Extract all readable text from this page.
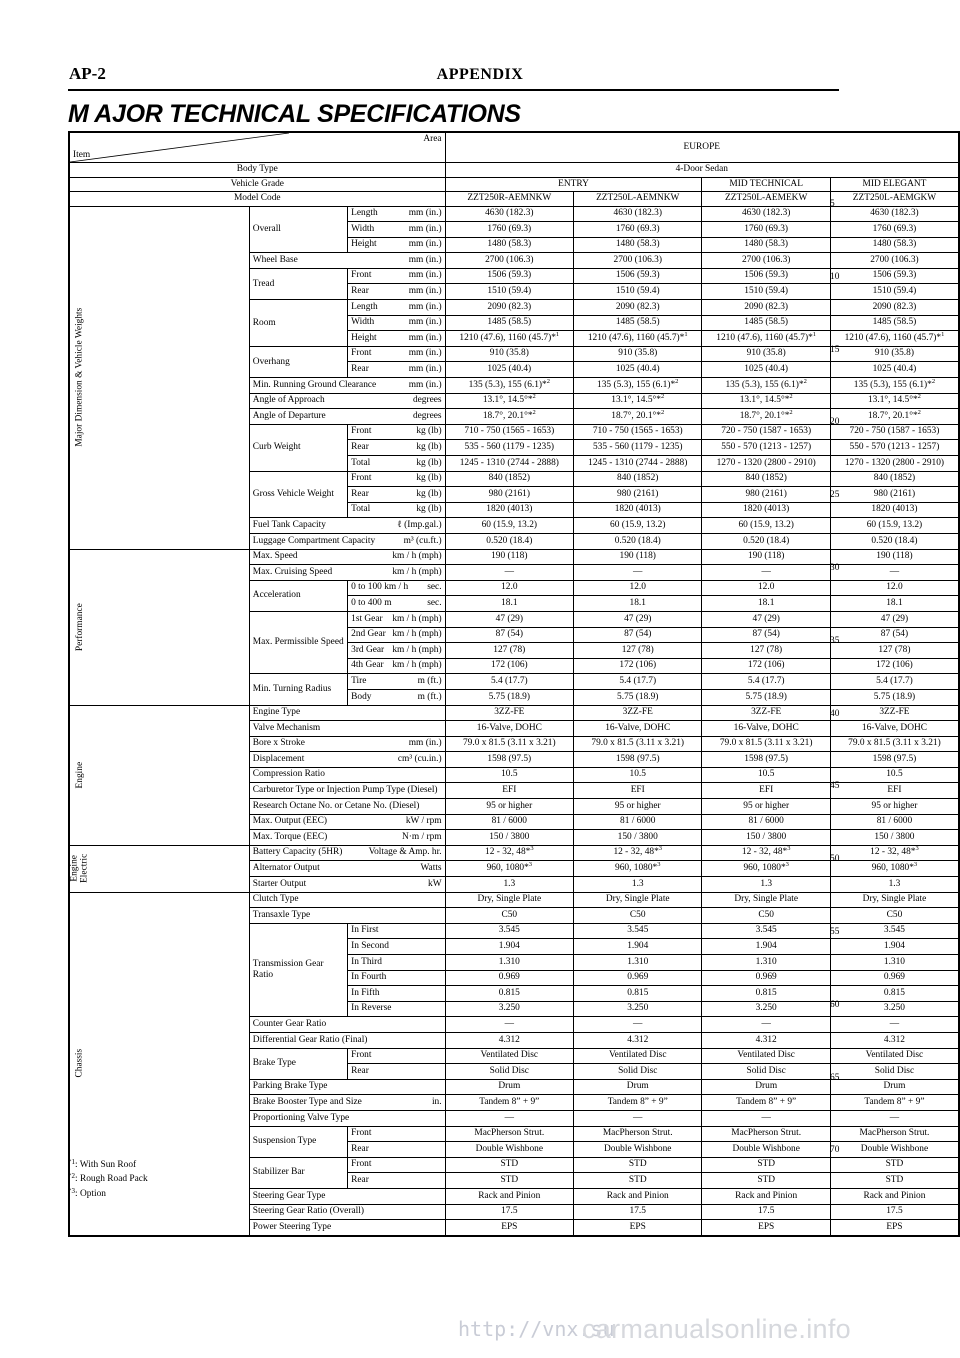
AP-2	APPENDIX
M AJOR TECHNICAL SPECIFICATIONS
Area
Item			EUROPE			
Body Type			4-Door Sedan			
Vehicle Grade			ENTRY		MID TECHNICAL	MID ELEGANT
Model Code			ZZT250R-AEMNKW	ZZT250L-AEMNKW	ZZT250L-AEMEKW	ZZT250L-AEMGKW

Major Dimension & Vehicle Weights	Overall	Length mm (in.)	4630 (182.3)	4630 (182.3)	4630 (182.3)	4630 (182.3)
		Width mm (in.)	1760 (69.3)	1760 (69.3)	1760 (69.3)	1760 (69.3)
		Height mm (in.)	1480 (58.3)	1480 (58.3)	1480 (58.3)	1480 (58.3)
	Wheel Base mm (in.)		2700 (106.3)	2700 (106.3)	2700 (106.3)	2700 (106.3)
	Tread	Front mm (in.)	1506 (59.3)	1506 (59.3)	1506 (59.3)	1506 (59.3)
		Rear mm (in.)	1510 (59.4)	1510 (59.4)	1510 (59.4)	1510 (59.4)
	Room	Length mm (in.)	2090 (82.3)	2090 (82.3)	2090 (82.3)	2090 (82.3)
		Width mm (in.)	1485 (58.5)	1485 (58.5)	1485 (58.5)	1485 (58.5)
		Height mm (in.)	1210 (47.6), 1160 (45.7)*$^1$	1210 (47.6), 1160 (45.7)*$^1$	1210 (47.6), 1160 (45.7)*$^1$	1210 (47.6), 1160 (45.7)*$^1$
	Overhang	Front mm (in.)	910 (35.8)	910 (35.8)	910 (35.8)	910 (35.8)
		Rear mm (in.)	1025 (40.4)	1025 (40.4)	1025 (40.4)	1025 (40.4)
	Min. Running Ground Clearance mm (in.)		135 (5.3), 155 (6.1)*$^2$	135 (5.3), 155 (6.1)*$^2$	135 (5.3), 155 (6.1)*$^2$	135 (5.3), 155 (6.1)*$^2$
	Angle of Approach degrees		13.1°, 14.5°*$^2$	13.1°, 14.5°*$^2$	13.1°, 14.5°*$^2$	13.1°, 14.5°*$^2$
	Angle of Departure degrees		18.7°, 20.1°*$^2$	18.7°, 20.1°*$^2$	18.7°, 20.1°*$^2$	18.7°, 20.1°*$^2$
	Curb Weight	Front kg (lb)	710 - 750 (1565 - 1653)	710 - 750 (1565 - 1653)	720 - 750 (1587 - 1653)	720 - 750 (1587 - 1653)
		Rear kg (lb)	535 - 560 (1179 - 1235)	535 - 560 (1179 - 1235)	550 - 570 (1213 - 1257)	550 - 570 (1213 - 1257)
		Total kg (lb)	1245 - 1310 (2744 - 2888)	1245 - 1310 (2744 - 2888)	1270 - 1320 (2800 - 2910)	1270 - 1320 (2800 - 2910)
	Gross Vehicle Weight	Front kg (lb)	840 (1852)	840 (1852)	840 (1852)	840 (1852)
		Rear kg (lb)	980 (2161)	980 (2161)	980 (2161)	980 (2161)
		Total kg (lb)	1820 (4013)	1820 (4013)	1820 (4013)	1820 (4013)
	Fuel Tank Capacity ℓ (Imp.gal.)		60 (15.9, 13.2)	60 (15.9, 13.2)	60 (15.9, 13.2)	60 (15.9, 13.2)
	Luggage Compartment Capacity m³ (cu.ft.)		0.520 (18.4)	0.520 (18.4)	0.520 (18.4)	0.520 (18.4)

Performance	Max. Speed km / h (mph)		190 (118)	190 (118)	190 (118)	190 (118)
	Max. Cruising Speed km / h (mph)		—	—	—	—
	Acceleration	0 to 100 km / h sec.	12.0	12.0	12.0	12.0
		0 to 400 m sec.	18.1	18.1	18.1	18.1
	Max. Permissible Speed	1st Gear km / h (mph)	47 (29)	47 (29)	47 (29)	47 (29)
		2nd Gear km / h (mph)	87 (54)	87 (54)	87 (54)	87 (54)
		3rd Gear km / h (mph)	127 (78)	127 (78)	127 (78)	127 (78)
		4th Gear km / h (mph)	172 (106)	172 (106)	172 (106)	172 (106)
	Min. Turning Radius	Tire m (ft.)	5.4 (17.7)	5.4 (17.7)	5.4 (17.7)	5.4 (17.7)
		Body m (ft.)	5.75 (18.9)	5.75 (18.9)	5.75 (18.9)	5.75 (18.9)

Engine	Engine Type		3ZZ-FE	3ZZ-FE	3ZZ-FE	3ZZ-FE
	Valve Mechanism		16-Valve, DOHC	16-Valve, DOHC	16-Valve, DOHC	16-Valve, DOHC
	Bore x Stroke mm (in.)		79.0 x 81.5 (3.11 x 3.21)	79.0 x 81.5 (3.11 x 3.21)	79.0 x 81.5 (3.11 x 3.21)	79.0 x 81.5 (3.11 x 3.21)
	Displacement cm³ (cu.in.)		1598 (97.5)	1598 (97.5)	1598 (97.5)	1598 (97.5)
	Compression Ratio		10.5	10.5	10.5	10.5
	Carburetor Type or Injection Pump Type (Diesel)		EFI	EFI	EFI	EFI
	Research Octane No. or Cetane No. (Diesel)		95 or higher	95 or higher	95 or higher	95 or higher
	Max. Output (EEC) kW / rpm		81 / 6000	81 / 6000	81 / 6000	81 / 6000
	Max. Torque (EEC) N·m / rpm		150 / 3800	150 / 3800	150 / 3800	150 / 3800

Engine Electric	Battery Capacity (5HR) Voltage & Amp. hr.		12 - 32, 48*$^3$	12 - 32, 48*$^3$	12 - 32, 48*$^3$	12 - 32, 48*$^3$
	Alternator Output Watts		960, 1080*$^3$	960, 1080*$^3$	960, 1080*$^3$	960, 1080*$^3$
	Starter Output kW		1.3	1.3	1.3	1.3

Chassis	Clutch Type		Dry, Single Plate	Dry, Single Plate	Dry, Single Plate	Dry, Single Plate
	Transaxle Type		C50	C50	C50	C50
	Transmission Gear Ratio	In First	3.545	3.545	3.545	3.545
		In Second	1.904	1.904	1.904	1.904
		In Third	1.310	1.310	1.310	1.310
		In Fourth	0.969	0.969	0.969	0.969
		In Fifth	0.815	0.815	0.815	0.815
		In Reverse	3.250	3.250	3.250	3.250
	Counter Gear Ratio		—	—	—	—
	Differential Gear Ratio (Final)		4.312	4.312	4.312	4.312
	Brake Type	Front	Ventilated Disc	Ventilated Disc	Ventilated Disc	Ventilated Disc
		Rear	Solid Disc	Solid Disc	Solid Disc	Solid Disc
	Parking Brake Type		Drum	Drum	Drum	Drum
	Brake Booster Type and Size in.		Tandem 8” + 9”	Tandem 8” + 9”	Tandem 8” + 9”	Tandem 8” + 9”
	Proportioning Valve Type		—	—	—	—
	Suspension Type	Front	MacPherson Strut.	MacPherson Strut.	MacPherson Strut.	MacPherson Strut.
		Rear	Double Wishbone	Double Wishbone	Double Wishbone	Double Wishbone
	Stabilizer Bar	Front	STD	STD	STD	STD
		Rear	STD	STD	STD	STD
	Steering Gear Type		Rack and Pinion	Rack and Pinion	Rack and Pinion	Rack and Pinion
	Steering Gear Ratio (Overall)		17.5	17.5	17.5	17.5
	Power Steering Type		EPS	EPS	EPS	EPS
5
10
15
20
25
30
35
40
45
50
55
60
65
70
$^{*1}$: With Sun Roof
$^{*2}$: Rough Road Pack
$^{*3}$: Option
http://vnx.su
carmanualsonline.info
